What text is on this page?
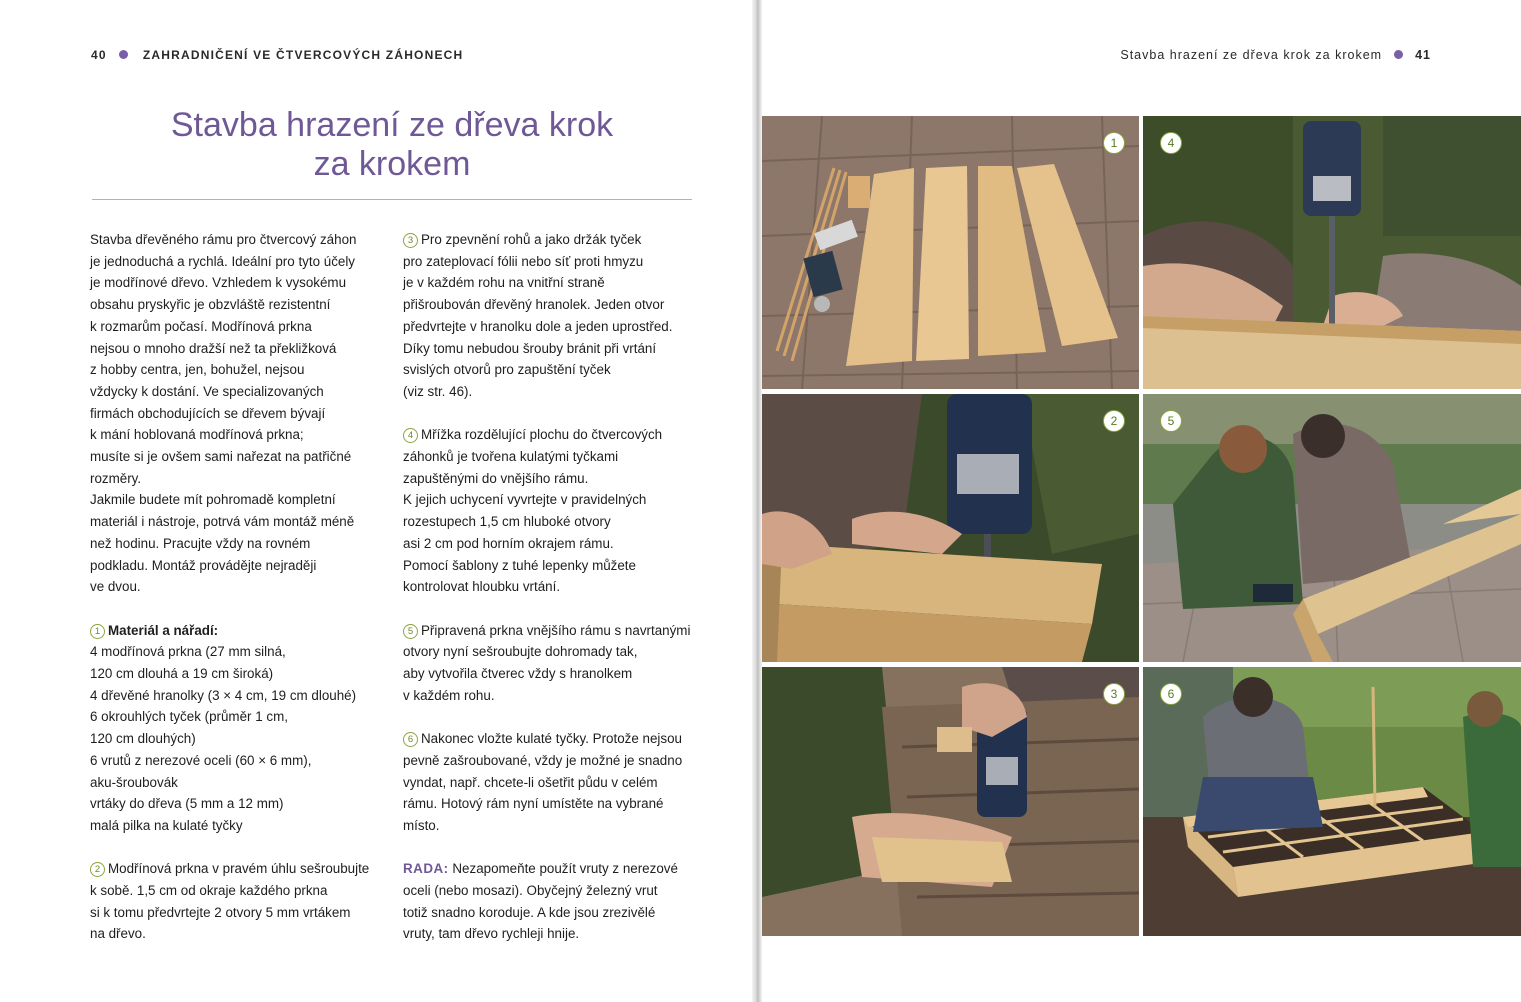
40	ZAHRADNIČENÍ VE ČTVERCOVÝCH ZÁHONECH
Stavba hrazení ze dřeva krok
za krokem

Stavba dřevěného rámu pro čtvercový záhon

je jednoduchá a rychlá. Ideální pro tyto účely

je modřínové dřevo. Vzhledem k vysokému

obsahu pryskyřic je obzvláště rezistentní

k rozmarům počasí. Modřínová prkna

nejsou o mnoho dražší než ta překližková

z hobby centra, jen, bohužel, nejsou

vždycky k dostání. Ve specializovaných

firmách obchodujících se dřevem bývají

k mání hoblovaná modřínová prkna;

musíte si je ovšem sami nařezat na patřičné

rozměry.

Jakmile budete mít pohromadě kompletní

materiál i nástroje, potrvá vám montáž méně

než hodinu. Pracujte vždy na rovném

podkladu. Montáž provádějte nejraději

ve dvou.

1 Materiál a nářadí:

4 modřínová prkna (27 mm silná,

120 cm dlouhá a 19 cm široká)

4 dřevěné hranolky (3 × 4 cm, 19 cm dlouhé)

6 okrouhlých tyček (průměr 1 cm,

120 cm dlouhých)

6 vrutů z nerezové oceli (60 × 6 mm),

aku-šroubovák

vrtáky do dřeva (5 mm a 12 mm)

malá pilka na kulaté tyčky

2 Modřínová prkna v pravém úhlu sešroubujte

k sobě. 1,5 cm od okraje každého prkna

si k tomu předvrtejte 2 otvory 5 mm vrtákem

na dřevo.

3 Pro zpevnění rohů a jako držák tyček

pro zateplovací fólii nebo síť proti hmyzu

je v každém rohu na vnitřní straně

přišroubován dřevěný hranolek. Jeden otvor

předvrtejte v hranolku dole a jeden uprostřed.

Díky tomu nebudou šrouby bránit při vrtání

svislých otvorů pro zapuštění tyček

(viz str. 46).

4 Mřížka rozdělující plochu do čtvercových

záhonků je tvořena kulatými tyčkami

zapuštěnými do vnějšího rámu.

K jejich uchycení vyvrtejte v pravidelných

rozestupech 1,5 cm hluboké otvory

asi 2 cm pod horním okrajem rámu.

Pomocí šablony z tuhé lepenky můžete

kontrolovat hloubku vrtání.

5 Připravená prkna vnějšího rámu s navrtanými

otvory nyní sešroubujte dohromady tak,

aby vytvořila čtverec vždy s hranolkem

v každém rohu.

6 Nakonec vložte kulaté tyčky. Protože nejsou

pevně zašroubované, vždy je možné je snadno

vyndat, např. chcete-li ošetřit půdu v celém

rámu. Hotový rám nyní umístěte na vybrané

místo.

RADA: Nezapomeňte použít vruty z nerezové

oceli (nebo mosazi). Obyčejný železný vrut

totiž snadno koroduje. A kde jsou zrezivělé

vruty, tam dřevo rychleji hnije.

Stavba hrazení ze dřeva krok za krokem	41
1	4
2	5
3	6
